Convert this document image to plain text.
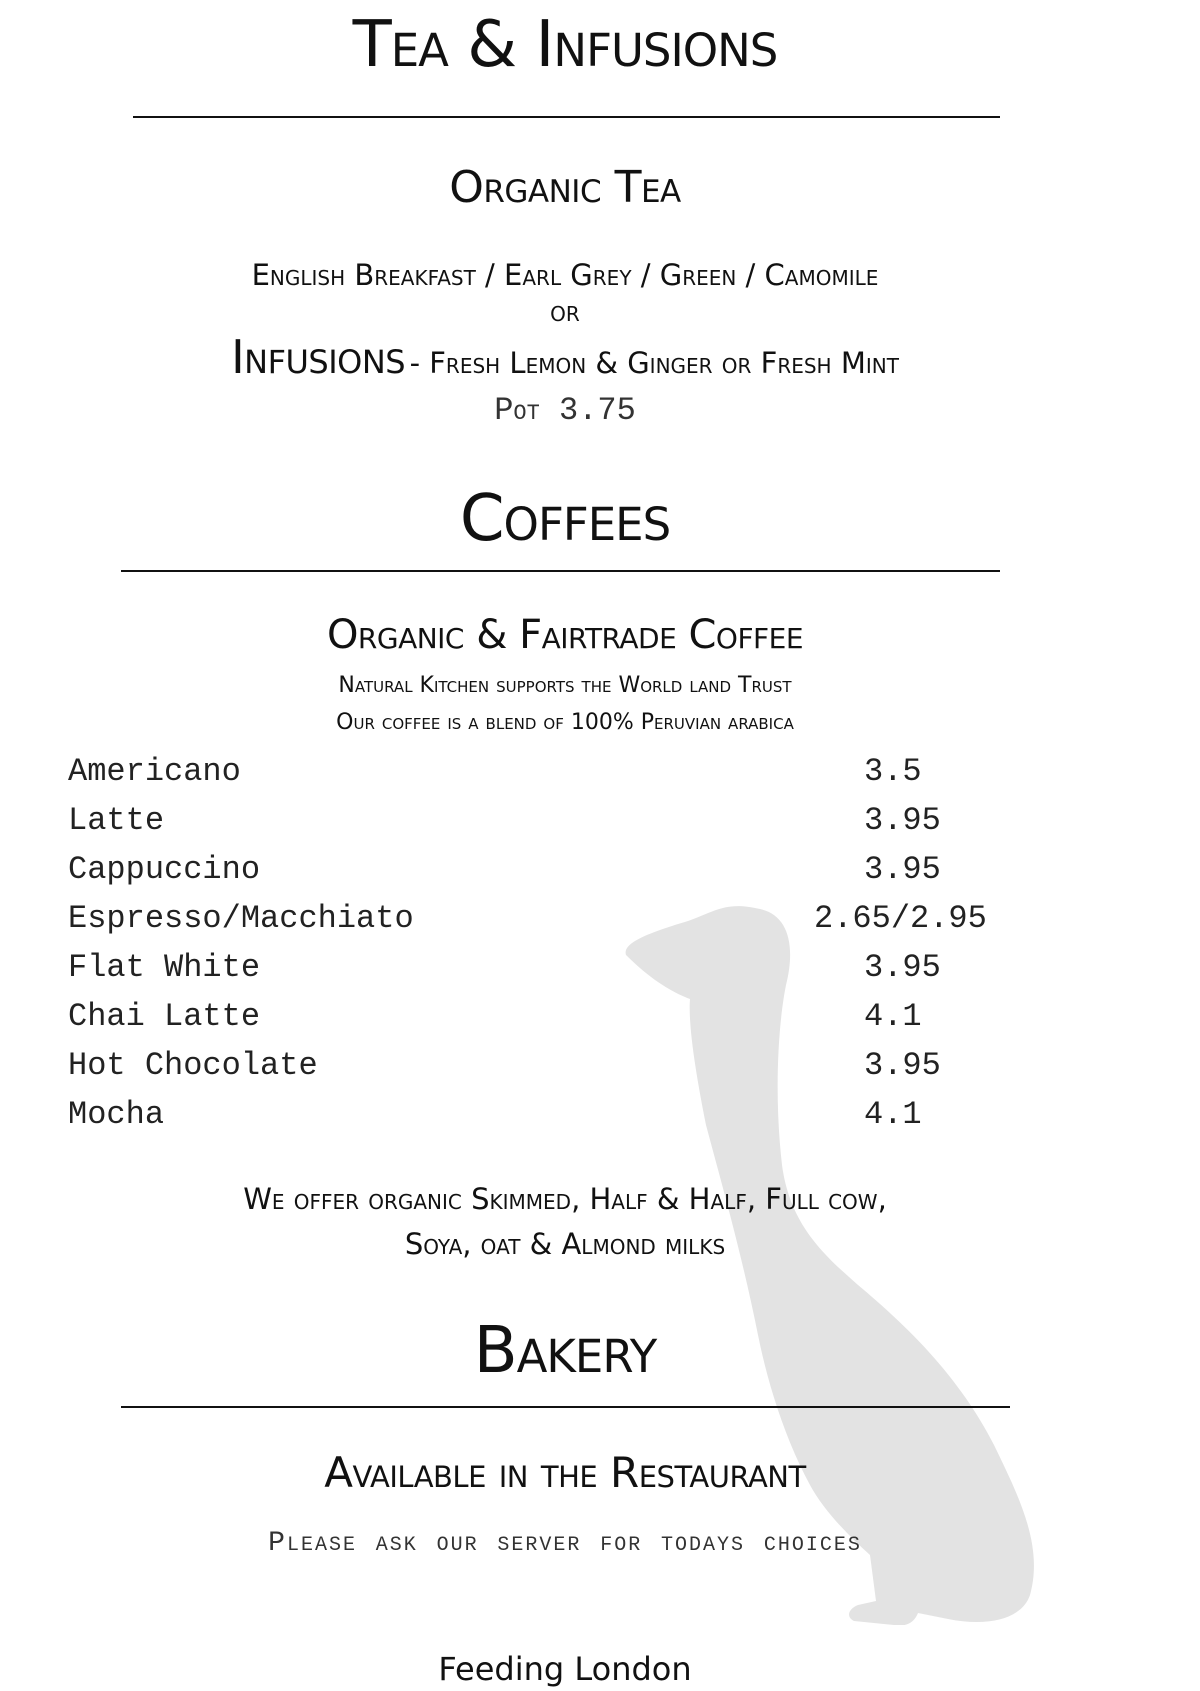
Tea & Infusions
Organic Tea
English Breakfast / Earl Grey / Green / Camomile
or
Infusions - Fresh Lemon & Ginger or Fresh Mint
Pot 3.75
Coffees
Organic & Fairtrade Coffee
Natural Kitchen supports the World land Trust
Our coffee is a blend of 100% Peruvian arabica
Americano	3.5
Latte	3.95
Cappuccino	3.95
Espresso/Macchiato	2.65/2.95
Flat White	3.95
Chai Latte	4.1
Hot Chocolate	3.95
Mocha	4.1
We offer organic Skimmed, Half & Half, Full cow,
Soya, oat & Almond milks
Bakery
Available in the Restaurant
Please ask our server for todays choices
Feeding London
